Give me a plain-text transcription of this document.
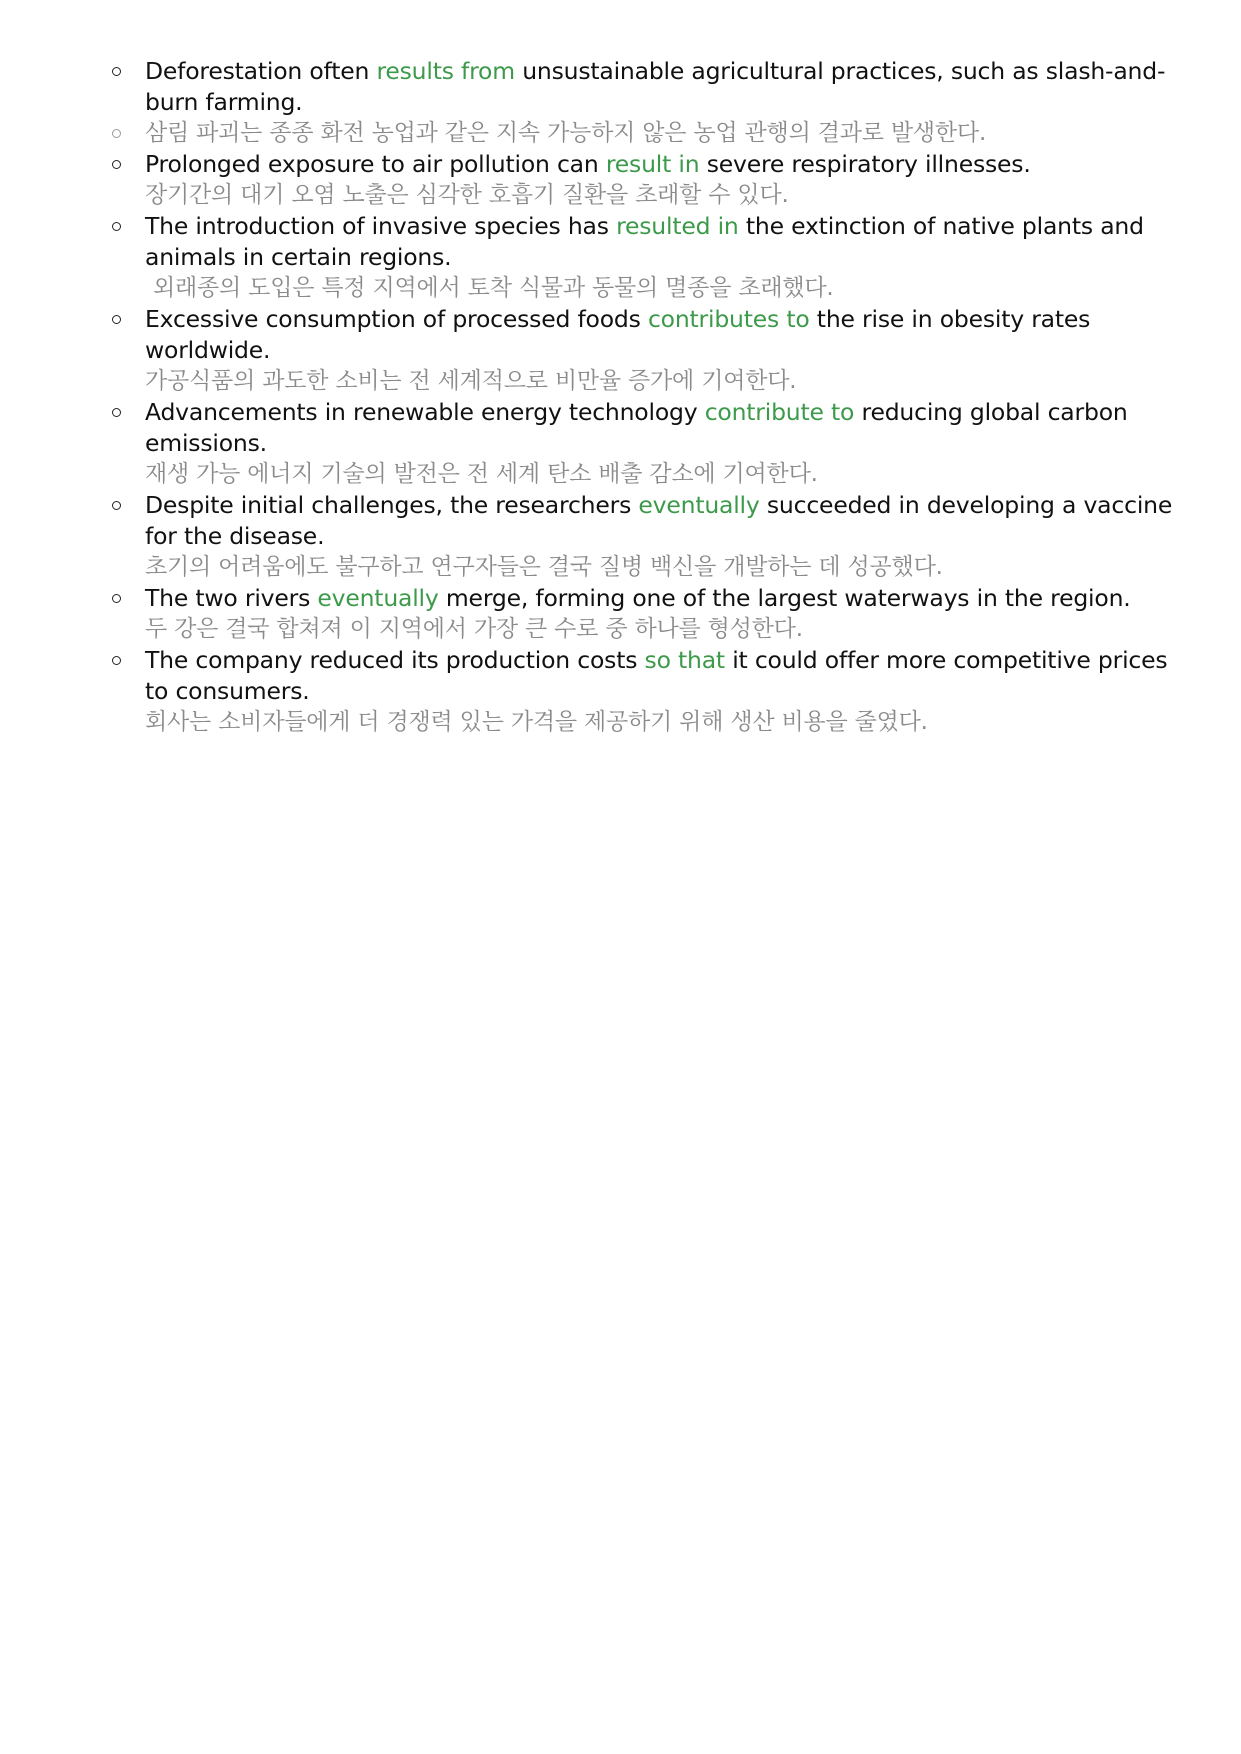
Deforestation often results from unsustainable agricultural practices, such as slash-and-burn farming.
삼림 파괴는 종종 화전 농업과 같은 지속 가능하지 않은 농업 관행의 결과로 발생한다.
Prolonged exposure to air pollution can result in severe respiratory illnesses.
장기간의 대기 오염 노출은 심각한 호흡기 질환을 초래할 수 있다.
The introduction of invasive species has resulted in the extinction of native plants and animals in certain regions.
외래종의 도입은 특정 지역에서 토착 식물과 동물의 멸종을 초래했다.
Excessive consumption of processed foods contributes to the rise in obesity rates worldwide.
가공식품의 과도한 소비는 전 세계적으로 비만율 증가에 기여한다.
Advancements in renewable energy technology contribute to reducing global carbon emissions.
재생 가능 에너지 기술의 발전은 전 세계 탄소 배출 감소에 기여한다.
Despite initial challenges, the researchers eventually succeeded in developing a vaccine for the disease.
초기의 어려움에도 불구하고 연구자들은 결국 질병 백신을 개발하는 데 성공했다.
The two rivers eventually merge, forming one of the largest waterways in the region.
두 강은 결국 합쳐져 이 지역에서 가장 큰 수로 중 하나를 형성한다.
The company reduced its production costs so that it could offer more competitive prices to consumers.
회사는 소비자들에게 더 경쟁력 있는 가격을 제공하기 위해 생산 비용을 줄였다.
